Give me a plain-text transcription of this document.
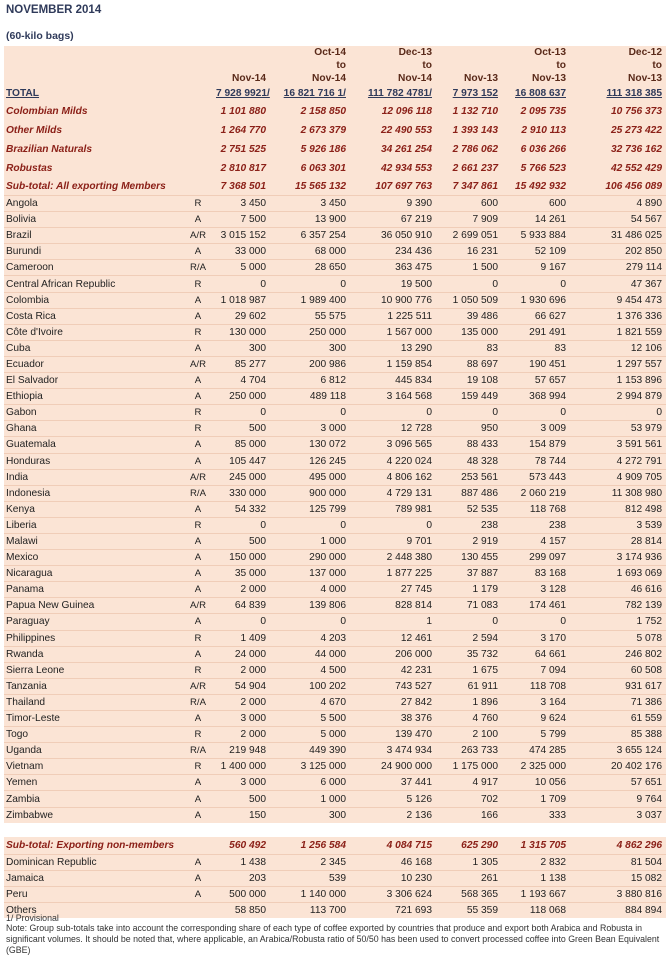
NOVEMBER 2014
(60-kilo bags)
			Oct-14	Dec-13		Oct-13	Dec-12
			to	to		to	to
		Nov-14	Nov-14	Nov-14	Nov-13	Nov-13	Nov-13
TOTAL		7 928 9921/	16 821 716 1/	111 782 4781/	7 973 152	16 808 637	111 318 385
Colombian Milds		1 101 880	2 158 850	12 096 118	1 132 710	2 095 735	10 756 373
Other Milds		1 264 770	2 673 379	22 490 553	1 393 143	2 910 113	25 273 422
Brazilian Naturals		2 751 525	5 926 186	34 261 254	2 786 062	6 036 266	32 736 162
Robustas		2 810 817	6 063 301	42 934 553	2 661 237	5 766 523	42 552 429
Sub-total: All exporting Members		7 368 501	15 565 132	107 697 763	7 347 861	15 492 932	106 456 089
Angola	R	3 450	3 450	9 390	600	600	4 890
Bolivia	A	7 500	13 900	67 219	7 909	14 261	54 567
Brazil	A/R	3 015 152	6 357 254	36 050 910	2 699 051	5 933 884	31 486 025
Burundi	A	33 000	68 000	234 436	16 231	52 109	202 850
Cameroon	R/A	5 000	28 650	363 475	1 500	9 167	279 114
Central African Republic	R	0	0	19 500	0	0	47 367
Colombia	A	1 018 987	1 989 400	10 900 776	1 050 509	1 930 696	9 454 473
Costa Rica	A	29 602	55 575	1 225 511	39 486	66 627	1 376 336
Côte d'Ivoire	R	130 000	250 000	1 567 000	135 000	291 491	1 821 559
Cuba	A	300	300	13 290	83	83	12 106
Ecuador	A/R	85 277	200 986	1 159 854	88 697	190 451	1 297 557
El Salvador	A	4 704	6 812	445 834	19 108	57 657	1 153 896
Ethiopia	A	250 000	489 118	3 164 568	159 449	368 994	2 994 879
Gabon	R	0	0	0	0	0	0
Ghana	R	500	3 000	12 728	950	3 009	53 979
Guatemala	A	85 000	130 072	3 096 565	88 433	154 879	3 591 561
Honduras	A	105 447	126 245	4 220 024	48 328	78 744	4 272 791
India	A/R	245 000	495 000	4 806 162	253 561	573 443	4 909 705
Indonesia	R/A	330 000	900 000	4 729 131	887 486	2 060 219	11 308 980
Kenya	A	54 332	125 799	789 981	52 535	118 768	812 498
Liberia	R	0	0	0	238	238	3 539
Malawi	A	500	1 000	9 701	2 919	4 157	28 814
Mexico	A	150 000	290 000	2 448 380	130 455	299 097	3 174 936
Nicaragua	A	35 000	137 000	1 877 225	37 887	83 168	1 693 069
Panama	A	2 000	4 000	27 745	1 179	3 128	46 616
Papua New Guinea	A/R	64 839	139 806	828 814	71 083	174 461	782 139
Paraguay	A	0	0	1	0	0	1 752
Philippines	R	1 409	4 203	12 461	2 594	3 170	5 078
Rwanda	A	24 000	44 000	206 000	35 732	64 661	246 802
Sierra Leone	R	2 000	4 500	42 231	1 675	7 094	60 508
Tanzania	A/R	54 904	100 202	743 527	61 911	118 708	931 617
Thailand	R/A	2 000	4 670	27 842	1 896	3 164	71 386
Timor-Leste	A	3 000	5 500	38 376	4 760	9 624	61 559
Togo	R	2 000	5 000	139 470	2 100	5 799	85 388
Uganda	R/A	219 948	449 390	3 474 934	263 733	474 285	3 655 124
Vietnam	R	1 400 000	3 125 000	24 900 000	1 175 000	2 325 000	20 402 176
Yemen	A	3 000	6 000	37 441	4 917	10 056	57 651
Zambia	A	500	1 000	5 126	702	1 709	9 764
Zimbabwe	A	150	300	2 136	166	333	3 037

Sub-total: Exporting non-members		560 492	1 256 584	4 084 715	625 290	1 315 705	4 862 296
Dominican Republic	A	1 438	2 345	46 168	1 305	2 832	81 504
Jamaica	A	203	539	10 230	261	1 138	15 082
Peru	A	500 000	1 140 000	3 306 624	568 365	1 193 667	3 880 816
Others		58 850	113 700	721 693	55 359	118 068	884 894
1/ Provisional
Note: Group sub-totals take into account the corresponding share of each type of coffee exported by countries that produce and export both Arabica and Robusta in significant volumes. It should be noted that, where applicable, an Arabica/Robusta ratio of 50/50 has been used to convert processed coffee into Green Bean Equivalent (GBE)
